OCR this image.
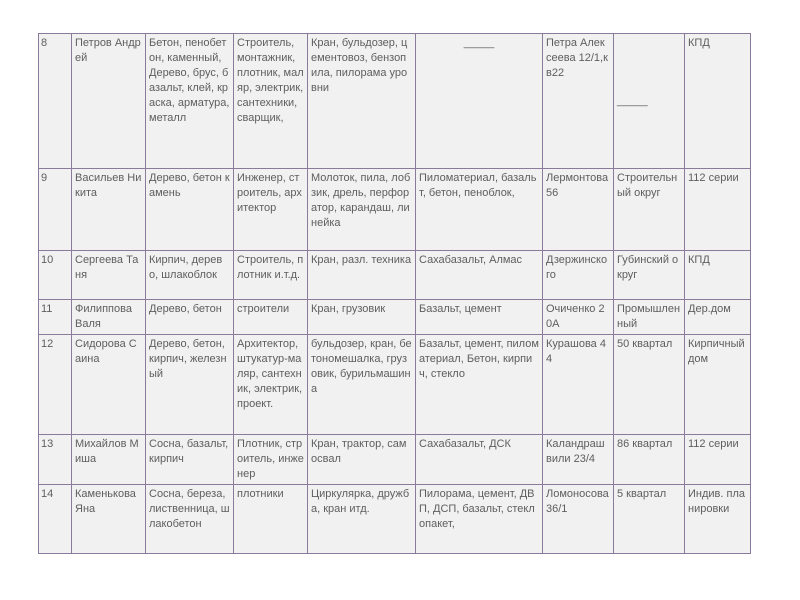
8	Петров Андрей	Бетон, пенобетон, каменный, Дерево, брус, базальт, клей, краска, арматура, металл	Строитель, монтажник, плотник, маляр, электрик, сантехники, сварщик,	Кран, бульдозер, цементовоз, бензопила, пилорама уровни	_____	Петра Алексеева 12/1,кв22	_____	КПД
9	Васильев Никита	Дерево, бетон камень	Инженер, строитель, архитектор	Молоток, пила, лобзик, дрель, перфоратор, карандаш, линейка	Пиломатериал, базальт, бетон, пеноблок,	Лермонтова 56	Строительный округ	112 серии
10	Сергеева Таня	Кирпич, дерево, шлакоблок	Строитель, плотник и.т.д.	Кран, разл. техника	Сахабазальт, Алмас	Дзержинского	Губинский округ	КПД
11	Филиппова Валя	Дерево, бетон	строители	Кран, грузовик	Базальт, цемент	Очиченко 20А	Промышленный	Дер.дом
12	Сидорова Саина	Дерево, бетон, кирпич, железный	Архитектор, штукатур-маляр, сантехник, электрик, проект.	бульдозер, кран, бетономешалка, грузовик, бурильмашина	Базальт, цемент, пиломатериал, Бетон, кирпич, стекло	Курашова 44	50 квартал	Кирпичный дом
13	Михайлов Миша	Сосна, базальт, кирпич	Плотник, строитель, инженер	Кран, трактор, самосвал	Сахабазальт, ДСК	Каландрашвили 23/4	86 квартал	112 серии
14	Каменькова Яна	Сосна, береза, лиственница, шлакобетон	плотники	Циркулярка, дружба, кран итд.	Пилорама, цемент, ДВП, ДСП, базальт, стеклопакет,	Ломоносова 36/1	5 квартал	Индив. планировки
